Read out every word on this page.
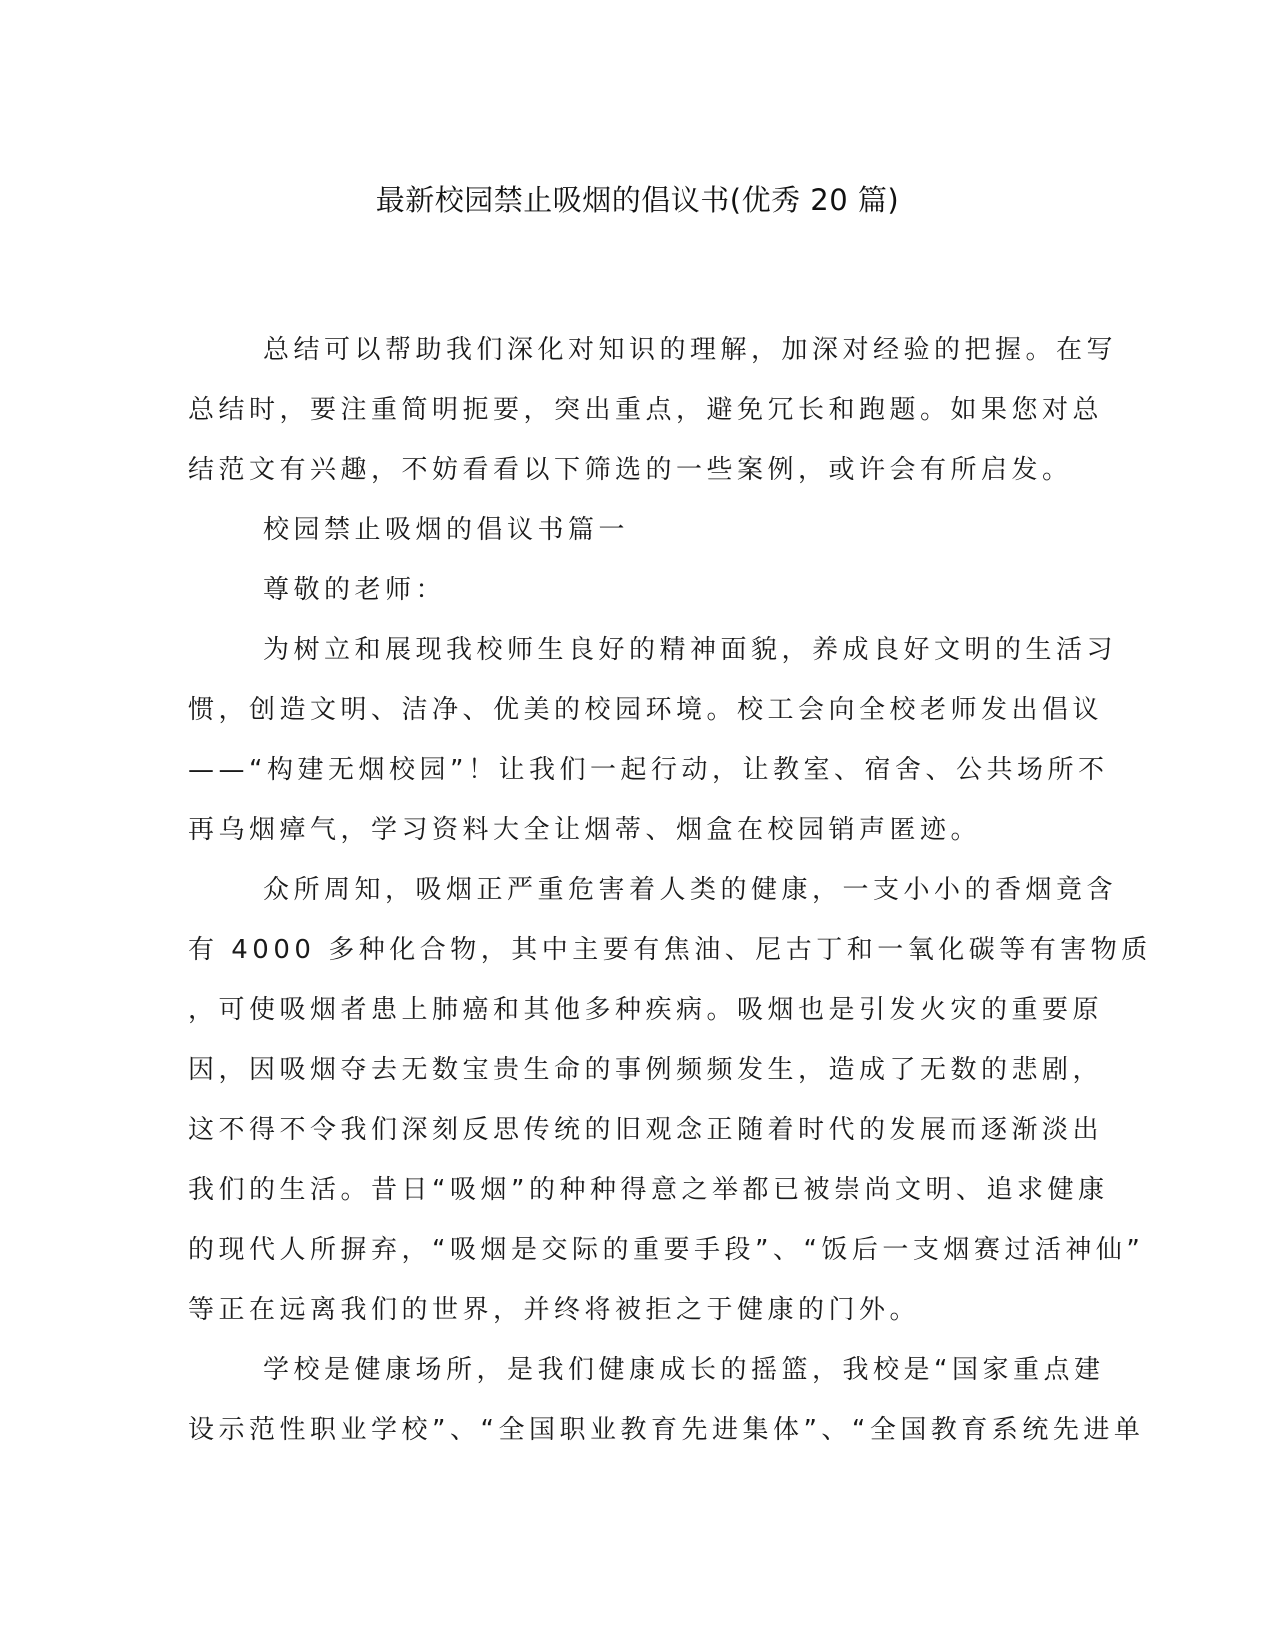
最新校园禁止吸烟的倡议书(优秀 20 篇)
总结可以帮助我们深化对知识的理解，加深对经验的把握。在写
总结时，要注重简明扼要，突出重点，避免冗长和跑题。如果您对总
结范文有兴趣，不妨看看以下筛选的一些案例，或许会有所启发。
校园禁止吸烟的倡议书篇一
尊敬的老师：
为树立和展现我校师生良好的精神面貌，养成良好文明的生活习
惯，创造文明、洁净、优美的校园环境。校工会向全校老师发出倡议
——“构建无烟校园”！让我们一起行动，让教室、宿舍、公共场所不
再乌烟瘴气，学习资料大全让烟蒂、烟盒在校园销声匿迹。
众所周知，吸烟正严重危害着人类的健康，一支小小的香烟竟含
有 4000 多种化合物，其中主要有焦油、尼古丁和一氧化碳等有害物质
，可使吸烟者患上肺癌和其他多种疾病。吸烟也是引发火灾的重要原
因，因吸烟夺去无数宝贵生命的事例频频发生，造成了无数的悲剧，
这不得不令我们深刻反思传统的旧观念正随着时代的发展而逐渐淡出
我们的生活。昔日“吸烟”的种种得意之举都已被崇尚文明、追求健康
的现代人所摒弃，“吸烟是交际的重要手段”、“饭后一支烟赛过活神仙”
等正在远离我们的世界，并终将被拒之于健康的门外。
学校是健康场所，是我们健康成长的摇篮，我校是“国家重点建
设示范性职业学校”、“全国职业教育先进集体”、“全国教育系统先进单
